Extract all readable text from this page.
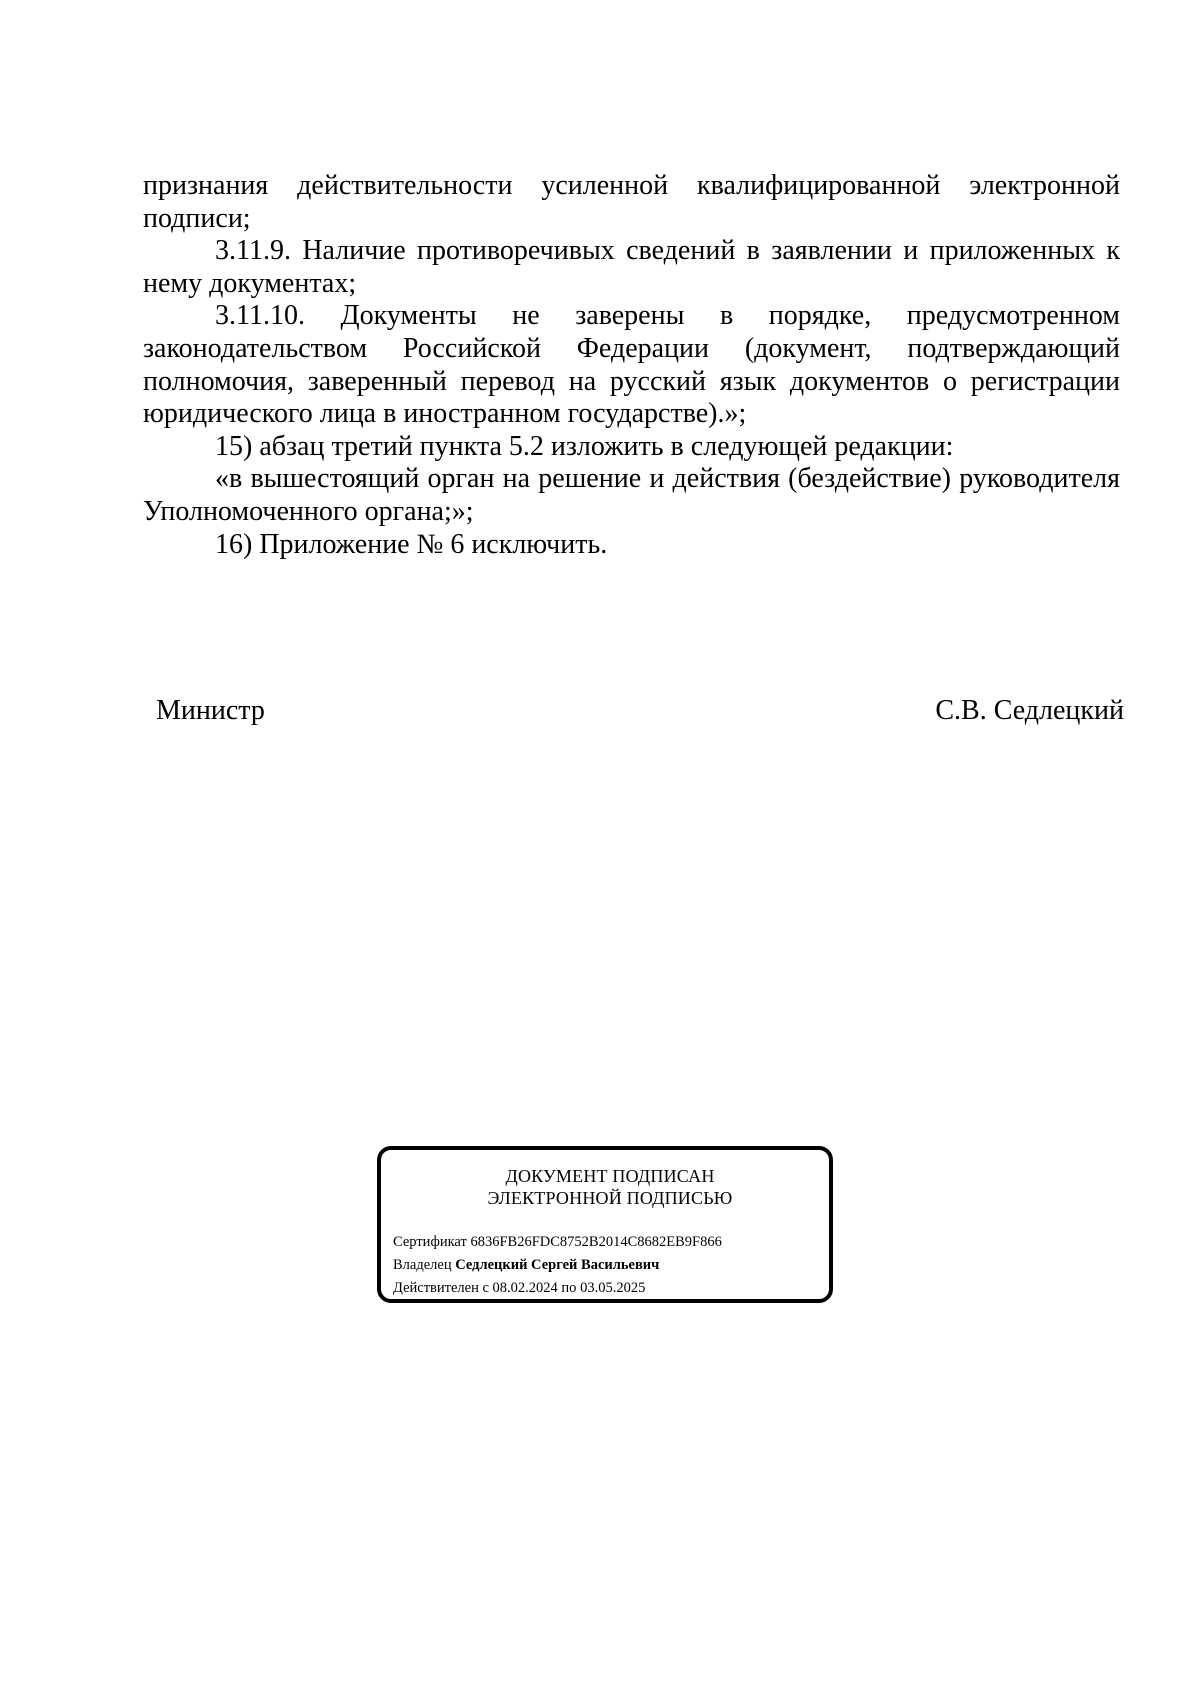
признания действительности усиленной квалифицированной электронной подписи;

3.11.9. Наличие противоречивых сведений в заявлении и приложенных к нему документах;

3.11.10. Документы не заверены в порядке, предусмотренном законодательством Российской Федерации (документ, подтверждающий полномочия, заверенный перевод на русский язык документов о регистрации юридического лица в иностранном государстве).»;

15) абзац третий пункта 5.2 изложить в следующей редакции:

«в вышестоящий орган на решение и действия (бездействие) руководителя Уполномоченного органа;»;

16) Приложение № 6 исключить.

Министр	С.В. Седлецкий
ДОКУМЕНТ ПОДПИСАН
ЭЛЕКТРОННОЙ ПОДПИСЬЮ
Сертификат 6836FB26FDC8752B2014C8682EB9F866
Владелец Седлецкий Сергей Васильевич
Действителен с 08.02.2024 по 03.05.2025
